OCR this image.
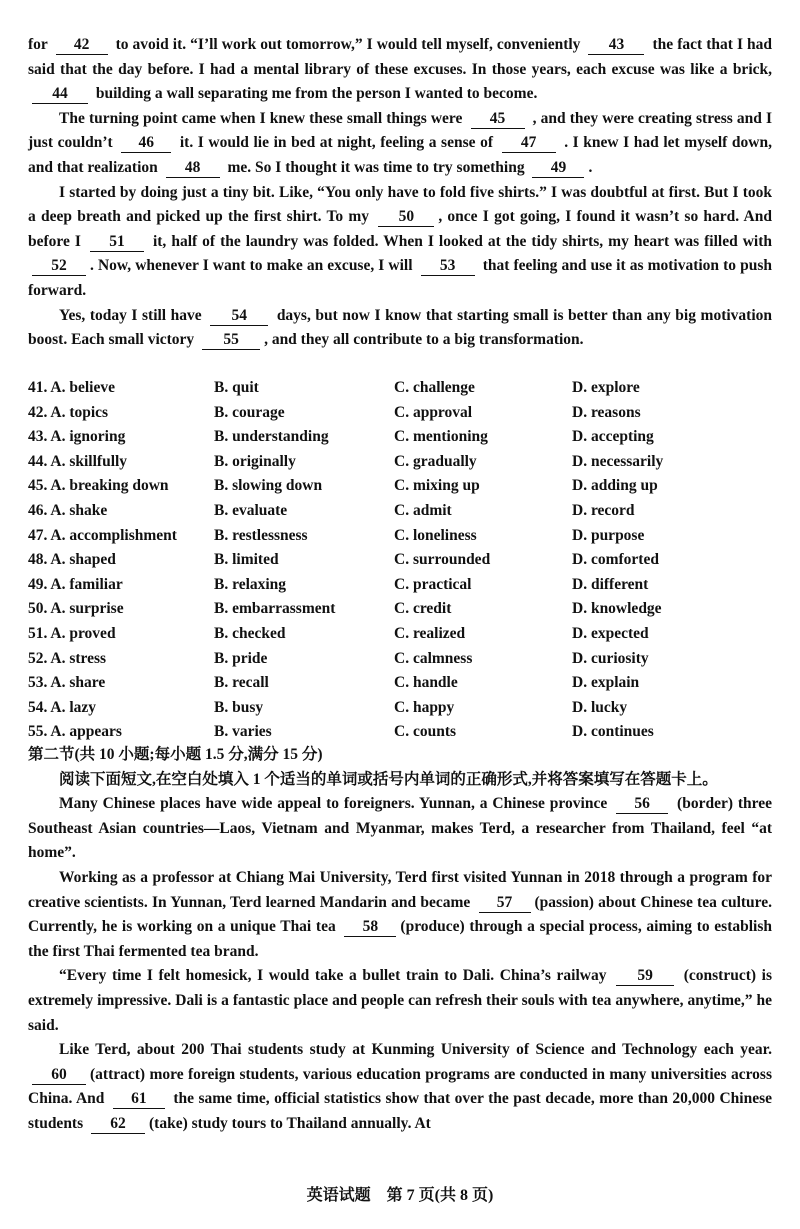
for 42 to avoid it. “I’ll work out tomorrow,” I would tell myself, conveniently 43 the fact that I had said that the day before. I had a mental library of these excuses. In those years, each excuse was like a brick, 44 building a wall separating me from the person I wanted to become.

The turning point came when I knew these small things were 45 , and they were creating stress and I just couldn’t 46 it. I would lie in bed at night, feeling a sense of 47 . I knew I had let myself down, and that realization 48 me. So I thought it was time to try something 49 .

I started by doing just a tiny bit. Like, “You only have to fold five shirts.” I was doubtful at first. But I took a deep breath and picked up the first shirt. To my 50 , once I got going, I found it wasn’t so hard. And before I 51 it, half of the laundry was folded. When I looked at the tidy shirts, my heart was filled with 52 . Now, whenever I want to make an excuse, I will 53 that feeling and use it as motivation to push forward.

Yes, today I still have 54 days, but now I know that starting small is better than any big motivation boost. Each small victory 55 , and they all contribute to a big transformation.

41. A. believe	B. quit	C. challenge	D. explore
42. A. topics	B. courage	C. approval	D. reasons
43. A. ignoring	B. understanding	C. mentioning	D. accepting
44. A. skillfully	B. originally	C. gradually	D. necessarily
45. A. breaking down	B. slowing down	C. mixing up	D. adding up
46. A. shake	B. evaluate	C. admit	D. record
47. A. accomplishment B. restlessness	C. loneliness	D. purpose
48. A. shaped	B. limited	C. surrounded	D. comforted
49. A. familiar	B. relaxing	C. practical	D. different
50. A. surprise	B. embarrassment	C. credit	D. knowledge
51. A. proved	B. checked	C. realized	D. expected
52. A. stress	B. pride	C. calmness	D. curiosity
53. A. share	B. recall	C. handle	D. explain
54. A. lazy	B. busy	C. happy	D. lucky
55. A. appears	B. varies	C. counts	D. continues

第二节(共 10 小题;每小题 1.5 分,满分 15 分)

阅读下面短文,在空白处填入 1 个适当的单词或括号内单词的正确形式,并将答案填写在答题卡上。

Many Chinese places have wide appeal to foreigners. Yunnan, a Chinese province 56 (border) three Southeast Asian countries—Laos, Vietnam and Myanmar, makes Terd, a researcher from Thailand, feel “at home”.

Working as a professor at Chiang Mai University, Terd first visited Yunnan in 2018 through a program for creative scientists. In Yunnan, Terd learned Mandarin and became 57 (passion) about Chinese tea culture. Currently, he is working on a unique Thai tea 58 (produce) through a special process, aiming to establish the first Thai fermented tea brand.

“Every time I felt homesick, I would take a bullet train to Dali. China’s railway 59 (construct) is extremely impressive. Dali is a fantastic place and people can refresh their souls with tea anywhere, anytime,” he said.

Like Terd, about 200 Thai students study at Kunming University of Science and Technology each year. 60 (attract) more foreign students, various education programs are conducted in many universities across China. And 61 the same time, official statistics show that over the past decade, more than 20,000 Chinese students 62 (take) study tours to Thailand annually. At

英语试题　第 7 页(共 8 页)
